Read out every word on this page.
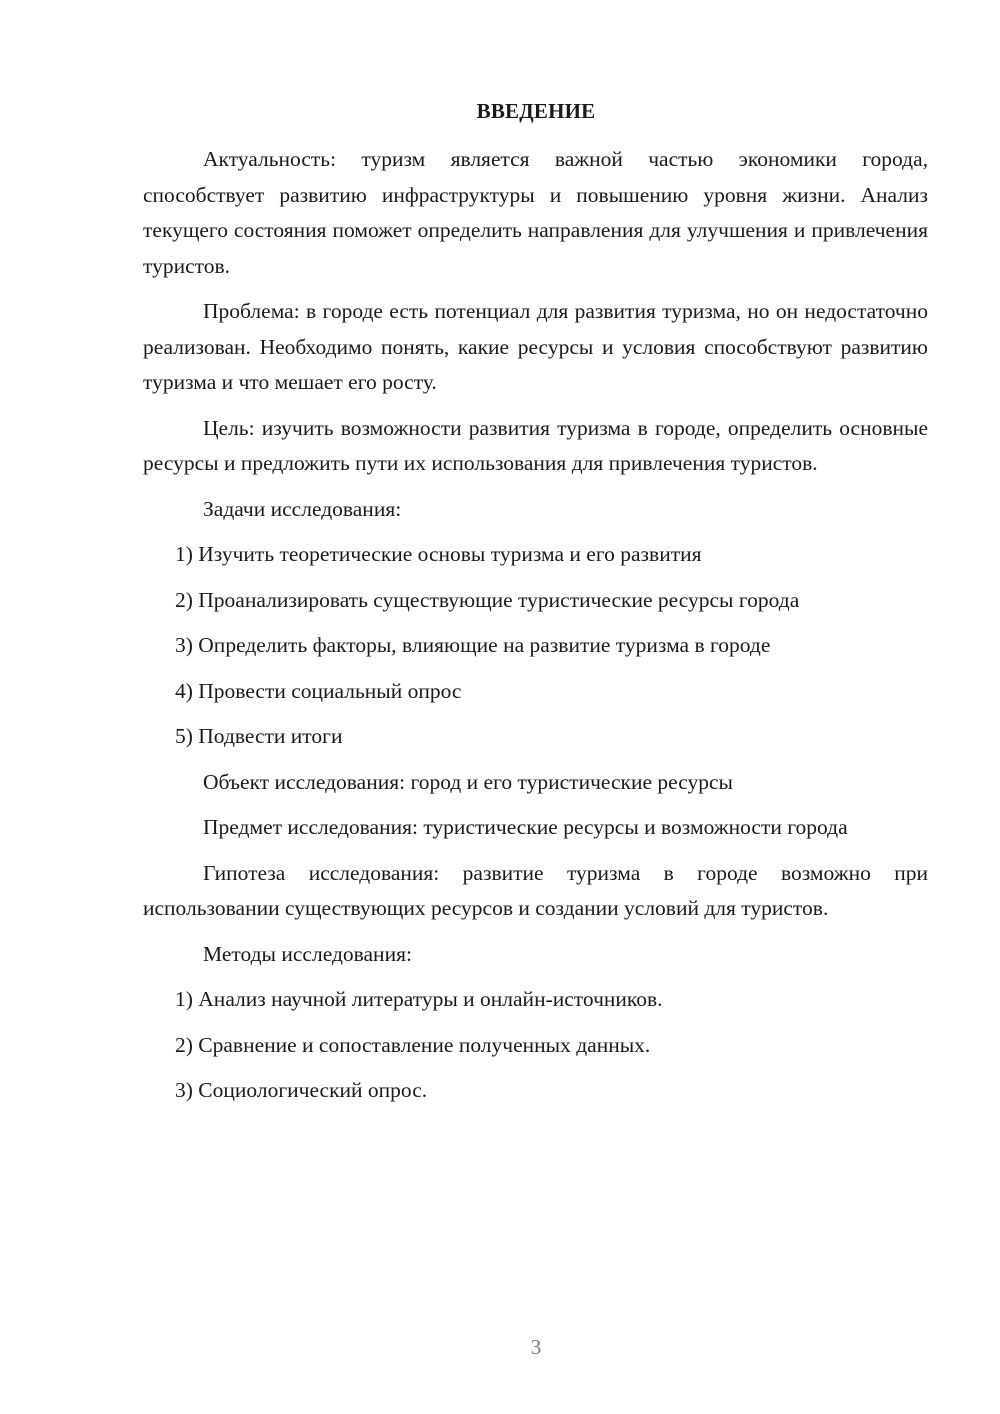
ВВЕДЕНИЕ

Актуальность: туризм является важной частью экономики города, способствует развитию инфраструктуры и повышению уровня жизни. Анализ текущего состояния поможет определить направления для улучшения и привлечения туристов.

Проблема: в городе есть потенциал для развития туризма, но он недостаточно реализован. Необходимо понять, какие ресурсы и условия способствуют развитию туризма и что мешает его росту.

Цель: изучить возможности развития туризма в городе, определить основные ресурсы и предложить пути их использования для привлечения туристов.

Задачи исследования:

1) Изучить теоретические основы туризма и его развития

2) Проанализировать существующие туристические ресурсы города

3) Определить факторы, влияющие на развитие туризма в городе

4) Провести социальный опрос

5) Подвести итоги

Объект исследования: город и его туристические ресурсы

Предмет исследования: туристические ресурсы и возможности города

Гипотеза исследования: развитие туризма в городе возможно при использовании существующих ресурсов и создании условий для туристов.

Методы исследования:

1) Анализ научной литературы и онлайн-источников.

2) Сравнение и сопоставление полученных данных.

3) Социологический опрос.

3
